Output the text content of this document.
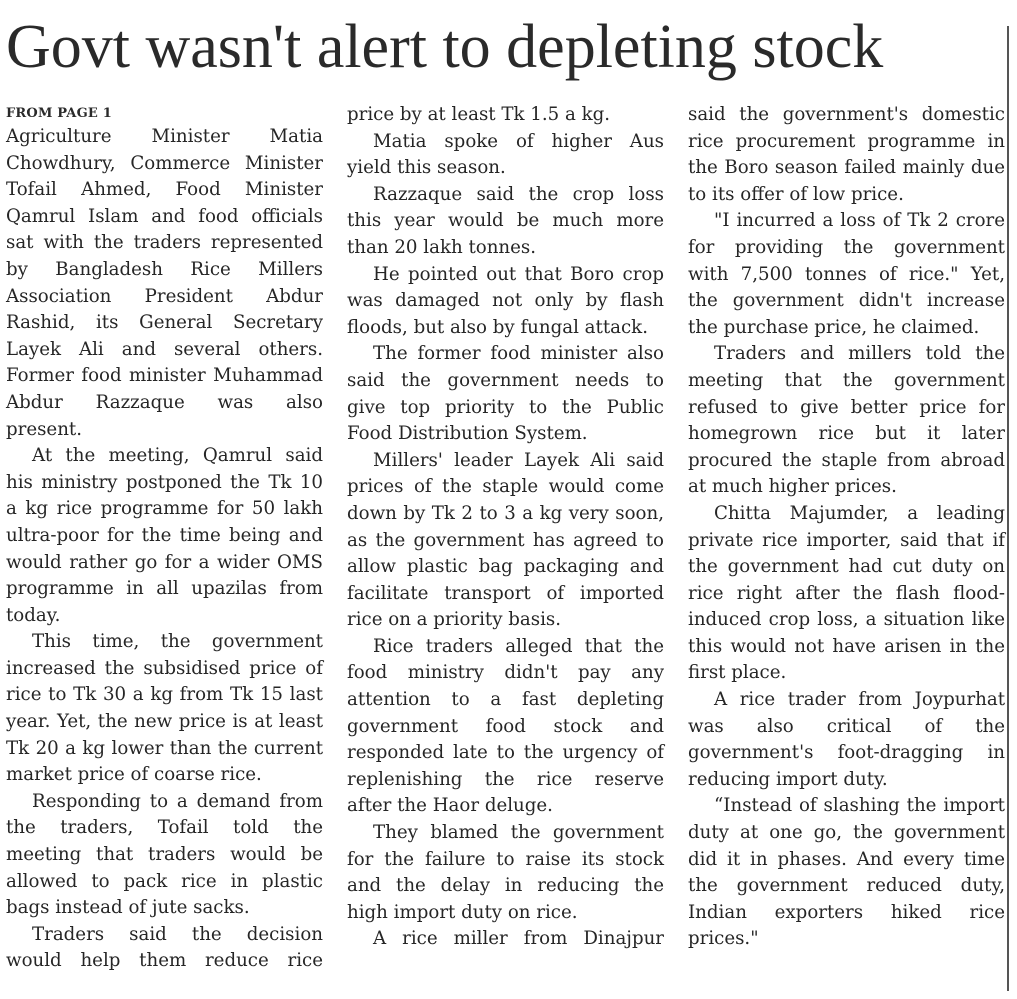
Govt wasn't alert to depleting stock
FROM PAGE 1

Agriculture Minister Matia Chowdhury, Commerce Minister Tofail Ahmed, Food Minister Qamrul Islam and food officials sat with the traders represented by Bangladesh Rice Millers Association President Abdur Rashid, its General Secretary Layek Ali and several others. Former food minister Muhammad Abdur Razzaque was also present.

At the meeting, Qamrul said his ministry postponed the Tk 10 a kg rice programme for 50 lakh ultra-poor for the time being and would rather go for a wider OMS programme in all upazilas from today.

This time, the government increased the subsidised price of rice to Tk 30 a kg from Tk 15 last year. Yet, the new price is at least Tk 20 a kg lower than the current market price of coarse rice.

Responding to a demand from the traders, Tofail told the meeting that traders would be allowed to pack rice in plastic bags instead of jute sacks.

Traders said the decision would help them reduce rice

price by at least Tk 1.5 a kg.

Matia spoke of higher Aus yield this season.

Razzaque said the crop loss this year would be much more than 20 lakh tonnes.

He pointed out that Boro crop was damaged not only by flash floods, but also by fungal attack.

The former food minister also said the government needs to give top priority to the Public Food Distribution System.

Millers' leader Layek Ali said prices of the staple would come down by Tk 2 to 3 a kg very soon, as the government has agreed to allow plastic bag packaging and facilitate transport of imported rice on a priority basis.

Rice traders alleged that the food ministry didn't pay any attention to a fast depleting government food stock and responded late to the urgency of replenishing the rice reserve after the Haor deluge.

They blamed the government for the failure to raise its stock and the delay in reducing the high import duty on rice.

A rice miller from Dinajpur

said the government's domestic rice procurement programme in the Boro season failed mainly due to its offer of low price.

"I incurred a loss of Tk 2 crore for providing the government with 7,500 tonnes of rice." Yet, the government didn't increase the purchase price, he claimed.

Traders and millers told the meeting that the government refused to give better price for homegrown rice but it later procured the staple from abroad at much higher prices.

Chitta Majumder, a leading private rice importer, said that if the government had cut duty on rice right after the flash flood-induced crop loss, a situation like this would not have arisen in the first place.

A rice trader from Joypurhat was also critical of the government's foot-dragging in reducing import duty.

“Instead of slashing the import duty at one go, the government did it in phases. And every time the government reduced duty, Indian exporters hiked rice prices."
